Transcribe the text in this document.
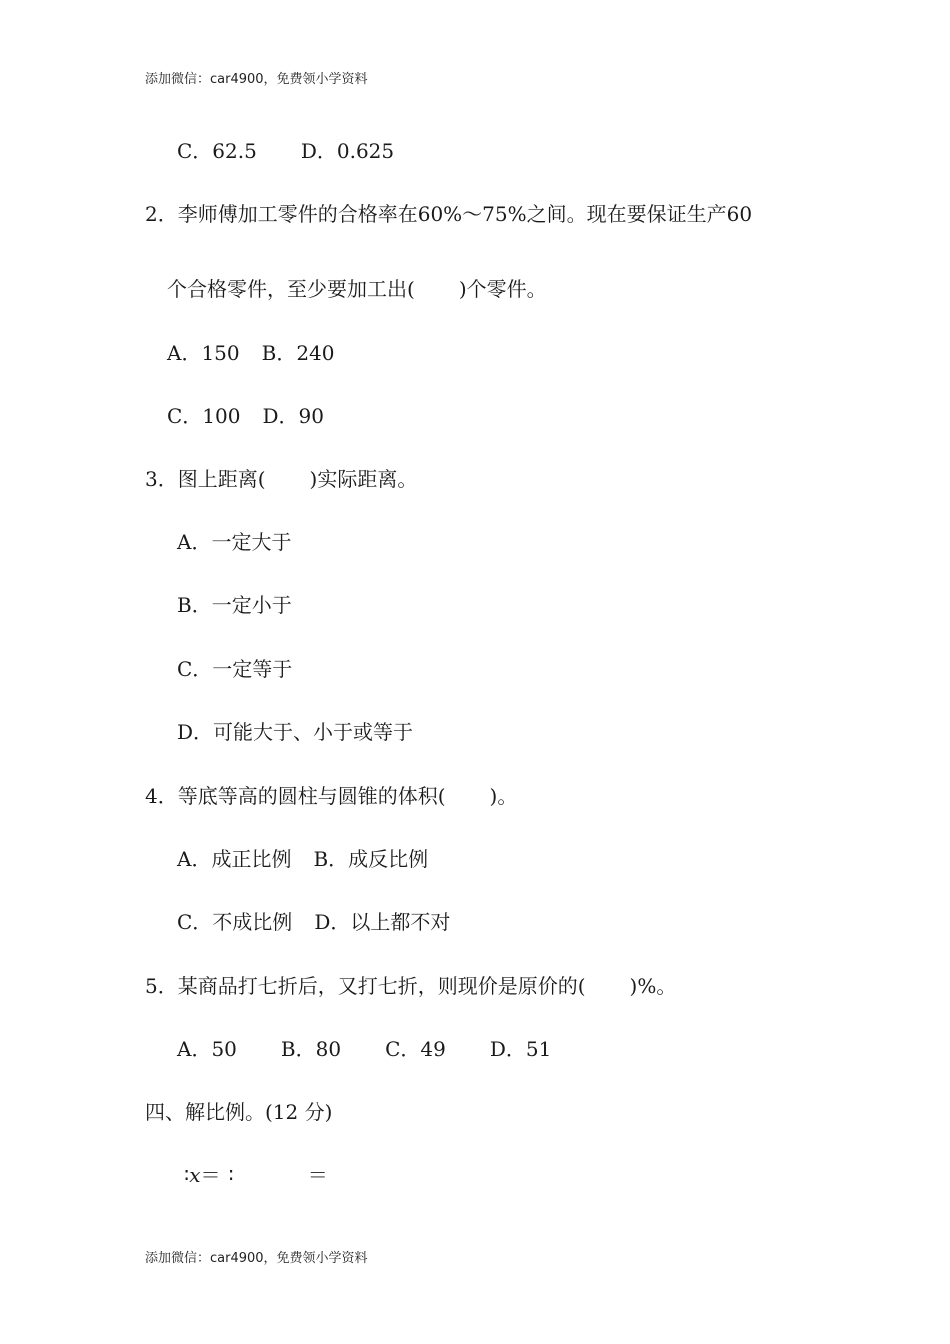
添加微信：car4900，免费领小学资料
C．62.5 D．0.625
2．李师傅加工零件的合格率在60%～75%之间。现在要保证生产60
个合格零件，至少要加工出( )个零件。
A．150 B．240
C．100 D．90
3．图上距离( )实际距离。
A．一定大于
B．一定小于
C．一定等于
D．可能大于、小于或等于
4．等底等高的圆柱与圆锥的体积( )。
A．成正比例 B．成反比例
C．不成比例 D．以上都不对
5．某商品打七折后，又打七折，则现价是原价的( )%。
A．50 B．80 C．49 D．51
四、解比例。(12 分)
∶x＝ ∶	＝
添加微信：car4900，免费领小学资料
